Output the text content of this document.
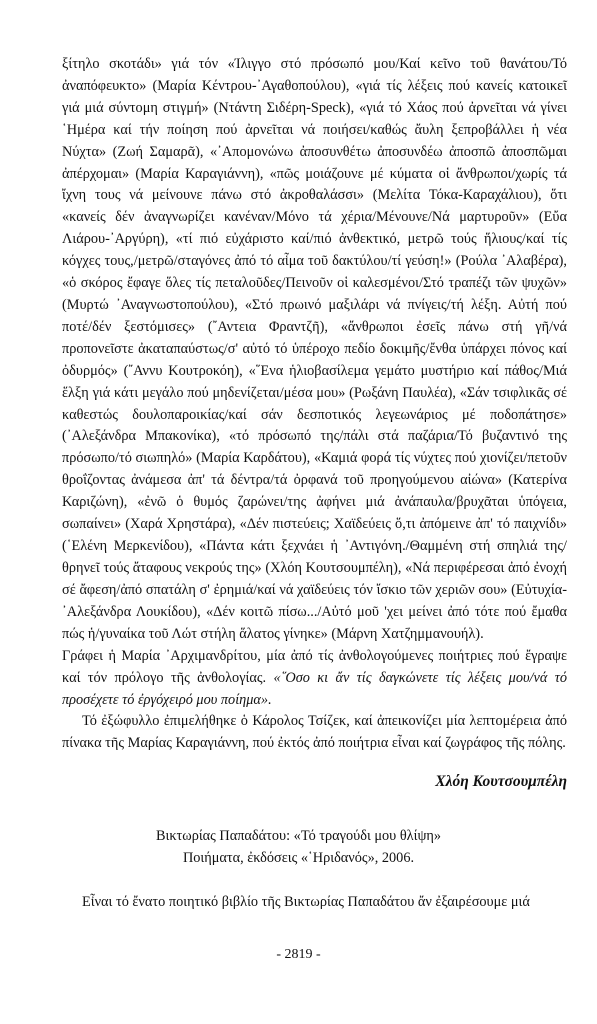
ξίτηλο σκοτάδι» γιά τόν «Ίλιγγο στό πρόσωπό μου/Καί κεῖνο τοῦ θανάτου/Τό ἀναπόφευκτο» (Μαρία Κέντρου-᾽Αγαθοπούλου), «γιά τίς λέξεις πού κανείς κατοικεῖ γιά μιά σύντομη στιγμή» (Ντάντη Σιδέρη-Speck), «γιά τό Χάος πού ἀρνεῖται νά γίνει ῾Ημέρα καί τήν ποίηση πού ἀρνεῖται νά ποιήσει/καθώς ἄυλη ξεπροβάλλει ἡ νέα Νύχτα» (Ζωή Σαμαρᾶ), «᾽Απομονώνω ἀποσυνθέτω ἀποσυνδέω ἀποσπῶ ἀποσπῶμαι ἀπέρχομαι» (Μαρία Καραγιάννη), «πῶς μοιάζουνε μέ κύματα οἱ ἄνθρωποι/χωρίς τά ἴχνη τους νά μείνουνε πάνω στό ἀκροθαλάσσι» (Μελίτα Τόκα-Καραχάλιου), ὅτι «κανείς δέν ἀναγνωρίζει κανέναν/Μόνο τά χέρια/Μένουνε/Νά μαρτυροῦν» (Εὔα Λιάρου-᾽Αργύρη), «τί πιό εὐχάριστο καί/πιό ἀνθεκτικό, μετρῶ τούς ἥλιους/καί τίς κόγχες τους,/μετρῶ/σταγόνες ἀπό τό αἷμα τοῦ δακτύλου/τί γεύση!» (Ρούλα ᾽Αλαβέρα), «ὁ σκόρος ἔφαγε ὅλες τίς πεταλοῦδες/Πεινοῦν οἱ καλεσμένοι/Στό τραπέζι τῶν ψυχῶν» (Μυρτώ ᾽Αναγνωστοπούλου), «Στό πρωινό μαξιλάρι νά πνίγεις/τή λέξη. Αὐτή πού ποτέ/δέν ξεστόμισες» (῎Αντεια Φραντζῆ), «ἄνθρωποι ἐσεῖς πάνω στή γῆ/νά προπονεῖστε ἀκαταπαύστως/σ' αὐτό τό ὑπέροχο πεδίο δοκιμῆς/ἔνθα ὑπάρχει πόνος καί ὀδυρμός» (῎Αννυ Κουτροκόη), «῞Ενα ἡλιοβασίλεμα γεμάτο μυστήριο καί πάθος/Μιά ἕλξη γιά κάτι μεγάλο πού μηδενίζεται/μέσα μου» (Ρωξάνη Παυλέα), «Σάν τσιφλικᾶς σέ καθεστώς δουλοπαροικίας/καί σάν δεσποτικός λεγεωνάριος μέ ποδοπάτησε» (᾽Αλεξάνδρα Μπακονίκα), «τό πρόσωπό της/πάλι στά παζάρια/Τό βυζαντινό της πρόσωπο/τό σιωπηλό» (Μαρία Καρδάτου), «Καμιά φορά τίς νύχτες πού χιονίζει/πετοῦν θροΐζοντας ἀνάμεσα ἀπ' τά δέντρα/τά ὀρφανά τοῦ προηγούμενου αἰώνα» (Κατερίνα Καριζώνη), «ἐνῶ ὁ θυμός ζαρώνει/της ἀφήνει μιά ἀνάπαυλα/βρυχᾶται ὑπόγεια, σωπαίνει» (Χαρά Χρηστάρα), «Δέν πιστεύεις; Χαϊδεύεις ὅ,τι ἀπόμεινε ἀπ' τό παιχνίδι» (῾Ελένη Μερκενίδου), «Πάντα κάτι ξεχνάει ἡ ᾽Αντιγόνη./Θαμμένη στή σπηλιά της/θρηνεῖ τούς ἄταφους νεκρούς της» (Χλόη Κουτσουμπέλη), «Νά περιφέρεσαι ἀπό ἐνοχή σέ ἄφεση/ἀπό σπατάλη σ' ἐρημιά/καί νά χαϊδεύεις τόν ἴσκιο τῶν χεριῶν σου» (Εὐτυχία-᾽Αλεξάνδρα Λουκίδου), «Δέν κοιτῶ πίσω.../Αὐτό μοῦ 'χει μείνει ἀπό τότε πού ἔμαθα πώς ἡ/γυναίκα τοῦ Λώτ στήλη ἅλατος γίνηκε» (Μάρνη Χατζημμανουήλ).

Γράφει ἡ Μαρία ᾽Αρχιμανδρίτου, μία ἀπό τίς ἀνθολογούμενες ποιήτριες πού ἔγραψε καί τόν πρόλογο τῆς ἀνθολογίας. «῞Οσο κι ἄν τίς δαγκώνετε τίς λέξεις μου/νά τό προσέχετε τό ἐργόχειρό μου ποίημα».

Τό ἐξώφυλλο ἐπιμελήθηκε ὁ Κάρολος Τσίζεκ, καί ἀπεικονίζει μία λεπτομέρεια ἀπό πίνακα τῆς Μαρίας Καραγιάννη, πού ἐκτός ἀπό ποιήτρια εἶναι καί ζωγράφος τῆς πόλης.

Χλόη Κουτσουμπέλη

Βικτωρίας Παπαδάτου: «Τό τραγούδι μου θλίψη»

Ποιήματα, ἐκδόσεις «῾Ηριδανός», 2006.

Εἶναι τό ἔνατο ποιητικό βιβλίο τῆς Βικτωρίας Παπαδάτου ἄν ἐξαιρέσουμε μιά

- 2819 -
